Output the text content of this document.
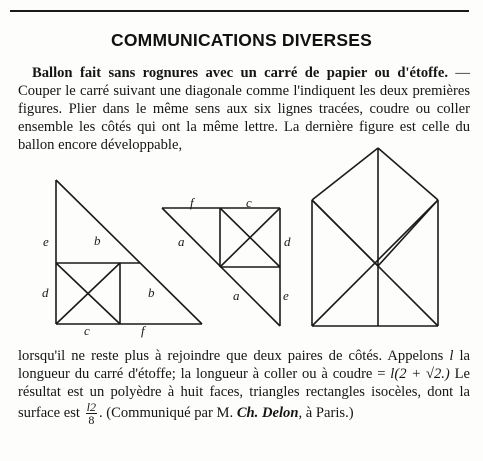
COMMUNICATIONS DIVERSES

Ballon fait sans rognures avec un carré de papier ou d'étoffe. — Couper le carré suivant une diagonale comme l'indiquent les deux premières figures. Plier dans le même sens aux six lignes tracées, coudre ou coller ensemble les côtés qui ont la même lettre. La dernière figure est celle du ballon encore développable,

e	b
d	b
c	f
f	c
a	d
a	e

lorsqu'il ne reste plus à rejoindre que deux paires de côtés. Appelons l la longueur du carré d'étoffe; la longueur à coller ou à coudre = l(2 + √2.) Le résultat est un polyèdre à huit faces, triangles rectangles isocèles, dont la surface est $\frac{l2}{8}$ . (Communiqué par M. Ch. Delon, à Paris.)
